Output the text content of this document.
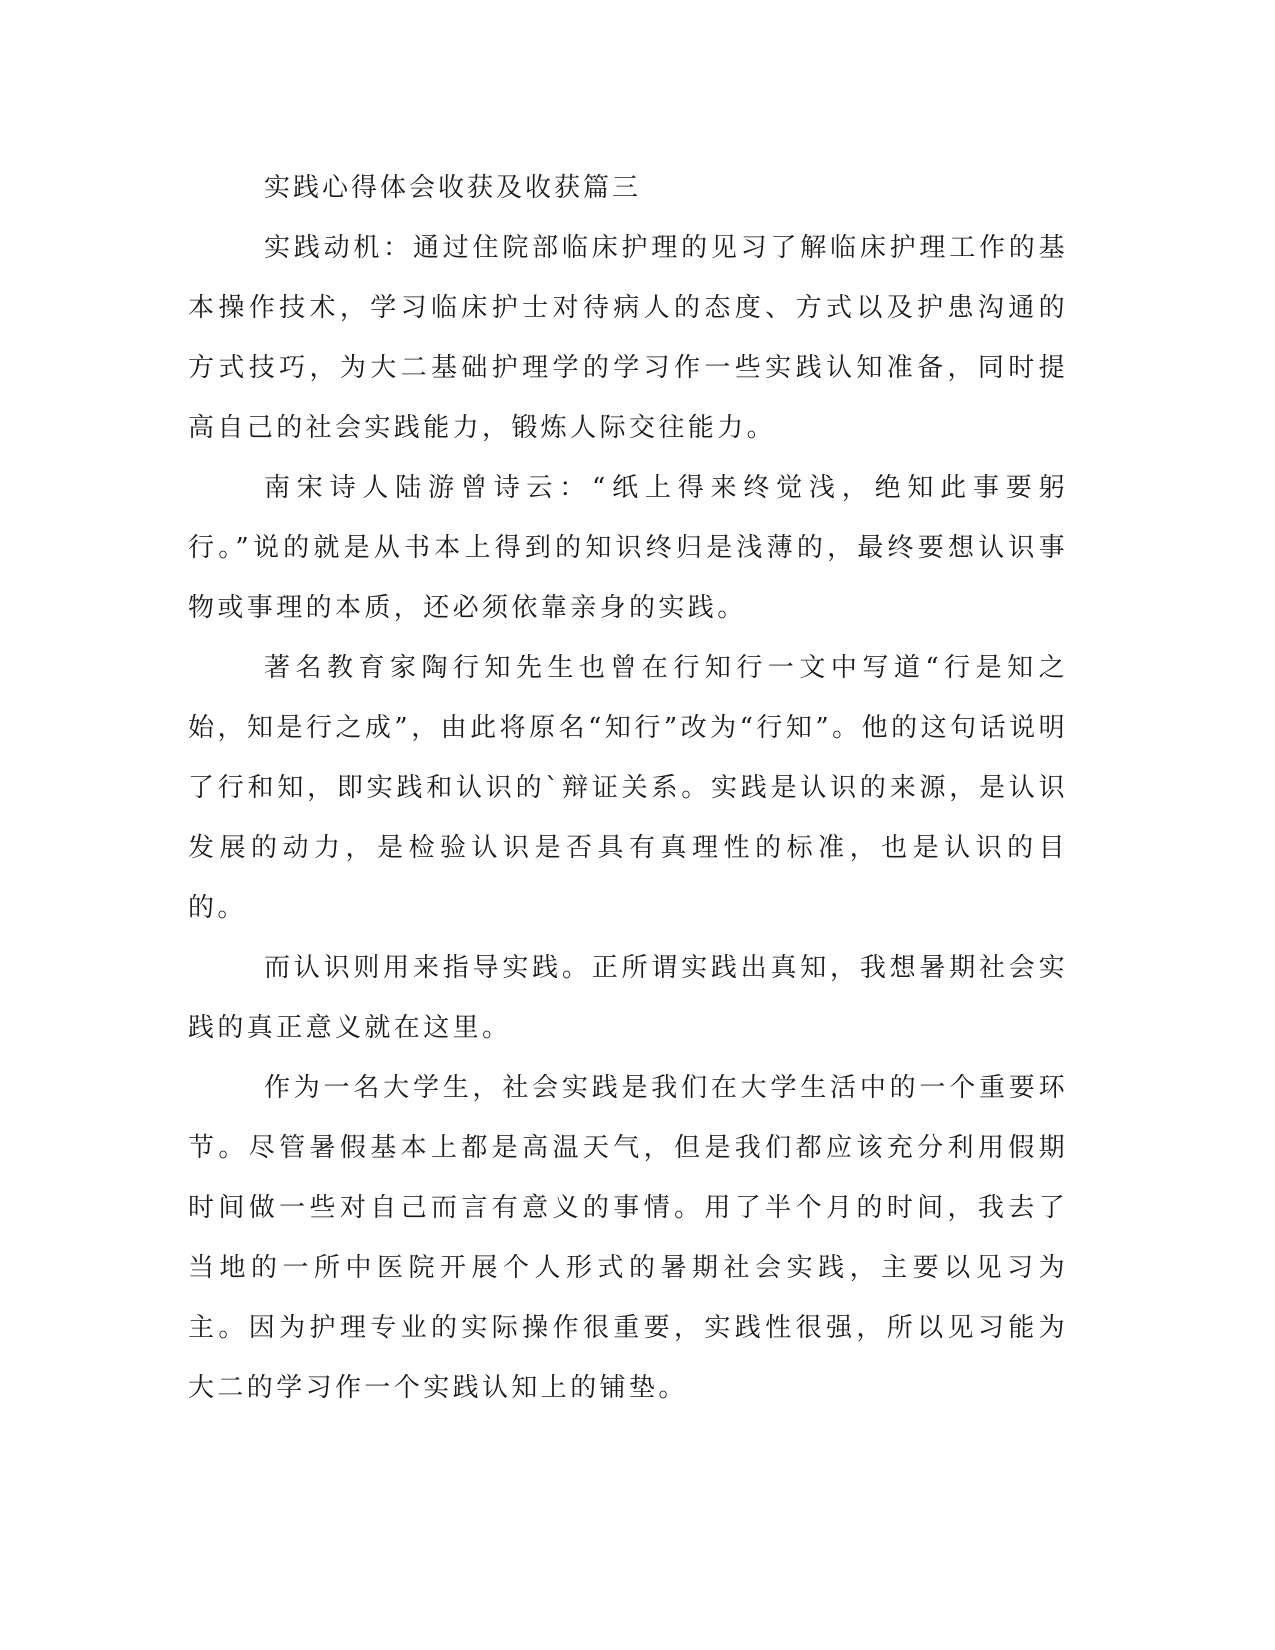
实践心得体会收获及收获篇三

实践动机：通过住院部临床护理的见习了解临床护理工作的基本操作技术，学习临床护士对待病人的态度、方式以及护患沟通的方式技巧，为大二基础护理学的学习作一些实践认知准备，同时提高自己的社会实践能力，锻炼人际交往能力。

南宋诗人陆游曾诗云：“纸上得来终觉浅，绝知此事要躬行。”说的就是从书本上得到的知识终归是浅薄的，最终要想认识事物或事理的本质，还必须依靠亲身的实践。

著名教育家陶行知先生也曾在行知行一文中写道“行是知之始，知是行之成”，由此将原名“知行”改为“行知”。他的这句话说明了行和知，即实践和认识的`辩证关系。实践是认识的来源，是认识发展的动力，是检验认识是否具有真理性的标准，也是认识的目的。

而认识则用来指导实践。正所谓实践出真知，我想暑期社会实践的真正意义就在这里。

作为一名大学生，社会实践是我们在大学生活中的一个重要环节。尽管暑假基本上都是高温天气，但是我们都应该充分利用假期时间做一些对自己而言有意义的事情。用了半个月的时间，我去了当地的一所中医院开展个人形式的暑期社会实践，主要以见习为主。因为护理专业的实际操作很重要，实践性很强，所以见习能为大二的学习作一个实践认知上的铺垫。
